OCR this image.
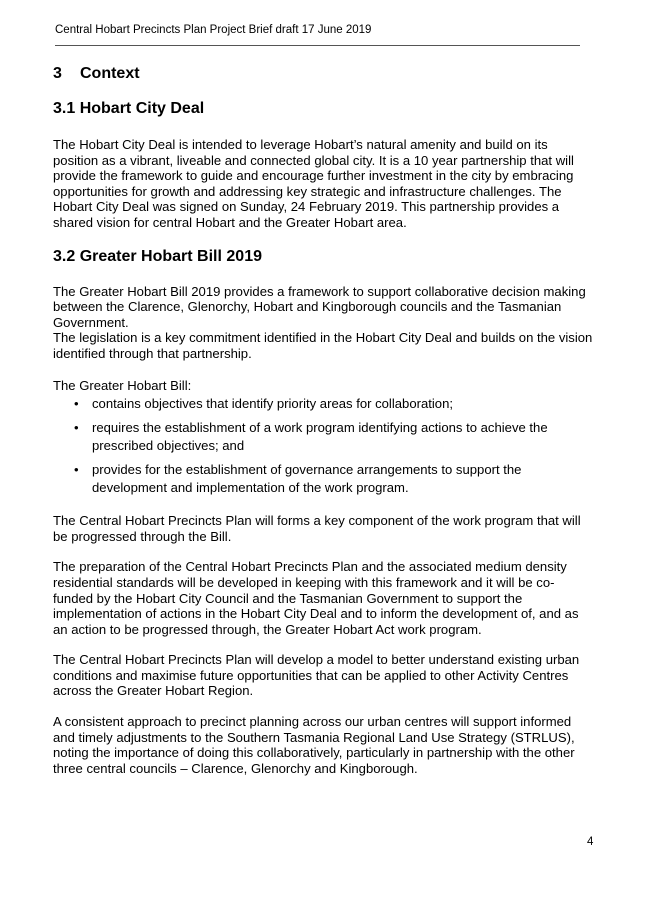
Central Hobart Precincts Plan Project Brief draft 17 June 2019
3 Context
3.1 Hobart City Deal

The Hobart City Deal is intended to leverage Hobart’s natural amenity and build on its position as a vibrant, liveable and connected global city. It is a 10 year partnership that will provide the framework to guide and encourage further investment in the city by embracing opportunities for growth and addressing key strategic and infrastructure challenges. The Hobart City Deal was signed on Sunday, 24 February 2019. This partnership provides a shared vision for central Hobart and the Greater Hobart area.

3.2 Greater Hobart Bill 2019

The Greater Hobart Bill 2019 provides a framework to support collaborative decision making between the Clarence, Glenorchy, Hobart and Kingborough councils and the Tasmanian Government.

The legislation is a key commitment identified in the Hobart City Deal and builds on the vision identified through that partnership.

The Greater Hobart Bill:

• contains objectives that identify priority areas for collaboration;
• requires the establishment of a work program identifying actions to achieve the prescribed objectives; and
• provides for the establishment of governance arrangements to support the development and implementation of the work program.

The Central Hobart Precincts Plan will forms a key component of the work program that will be progressed through the Bill.

The preparation of the Central Hobart Precincts Plan and the associated medium density residential standards will be developed in keeping with this framework and it will be co-funded by the Hobart City Council and the Tasmanian Government to support the implementation of actions in the Hobart City Deal and to inform the development of, and as an action to be progressed through, the Greater Hobart Act work program.

The Central Hobart Precincts Plan will develop a model to better understand existing urban conditions and maximise future opportunities that can be applied to other Activity Centres across the Greater Hobart Region.

A consistent approach to precinct planning across our urban centres will support informed and timely adjustments to the Southern Tasmania Regional Land Use Strategy (STRLUS), noting the importance of doing this collaboratively, particularly in partnership with the other three central councils – Clarence, Glenorchy and Kingborough.

4
